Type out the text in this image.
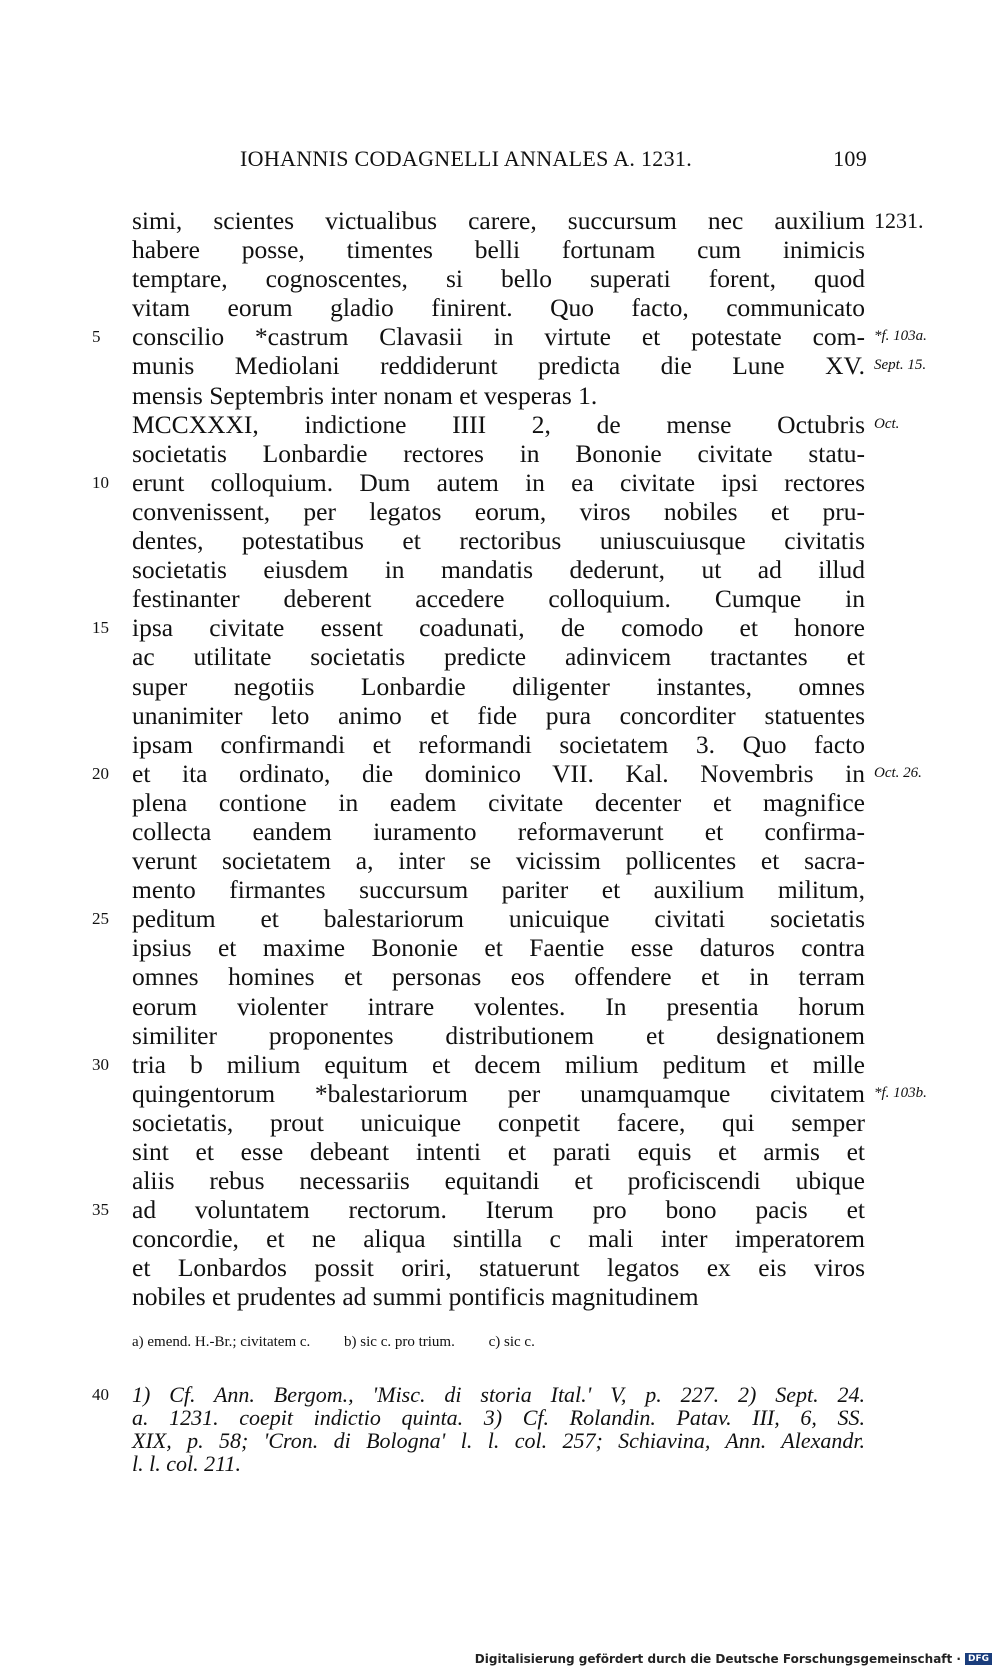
IOHANNIS CODAGNELLI ANNALES A. 1231.	109
simi, scientes victualibus carere, succursum nec auxilium 1231.
habere posse, timentes belli fortunam cum inimicis
temptare, cognoscentes, si bello superati forent, quod
vitam eorum gladio finirent. Quo facto, communicato
5	conscilio *castrum Clavasii in virtute et potestate com- *f. 103a.
munis Mediolani reddiderunt predicta die Lune XV. Sept. 15.
mensis Septembris inter nonam et vesperas 1.
MCCXXXI, indictione IIII 2, de mense Octubris Oct.
societatis Lonbardie rectores in Bononie civitate statu-
10 erunt colloquium. Dum autem in ea civitate ipsi rectores
convenissent, per legatos eorum, viros nobiles et pru-
dentes, potestatibus et rectoribus uniuscuiusque civitatis
societatis eiusdem in mandatis dederunt, ut ad illud
festinanter deberent accedere colloquium. Cumque in
15 ipsa civitate essent coadunati, de comodo et honore
ac utilitate societatis predicte adinvicem tractantes et
super negotiis Lonbardie diligenter instantes, omnes
unanimiter leto animo et fide pura concorditer statuentes
ipsam confirmandi et reformandi societatem 3. Quo facto
20 et ita ordinato, die dominico VII. Kal. Novembris in Oct. 26.
plena contione in eadem civitate decenter et magnifice
collecta eandem iuramento reformaverunt et confirma-
verunt societatem a, inter se vicissim pollicentes et sacra-
mento firmantes succursum pariter et auxilium militum,
25 peditum et balestariorum unicuique civitati societatis
ipsius et maxime Bononie et Faentie esse daturos contra
omnes homines et personas eos offendere et in terram
eorum violenter intrare volentes. In presentia horum
similiter proponentes distributionem et designationem
30 tria b milium equitum et decem milium peditum et mille
quingentorum *balestariorum per unamquamque civitatem *f. 103b.
societatis, prout unicuique conpetit facere, qui semper
sint et esse debeant intenti et parati equis et armis et
aliis rebus necessariis equitandi et proficiscendi ubique
35 ad voluntatem rectorum. Iterum pro bono pacis et
concordie, et ne aliqua sintilla c mali inter imperatorem
et Lonbardos possit oriri, statuerunt legatos ex eis viros
nobiles et prudentes ad summi pontificis magnitudinem
a) emend. H.-Br.; civitatem c. b) sic c. pro trium. c) sic c.
40 1) Cf. Ann. Bergom., 'Misc. di storia Ital.' V, p. 227. 2) Sept. 24.
a. 1231. coepit indictio quinta. 3) Cf. Rolandin. Patav. III, 6, SS.
XIX, p. 58; 'Cron. di Bologna' l. l. col. 257; Schiavina, Ann. Alexandr.
l. l. col. 211.
Digitalisierung gefördert durch die Deutsche Forschungsgemeinschaft · DFG
